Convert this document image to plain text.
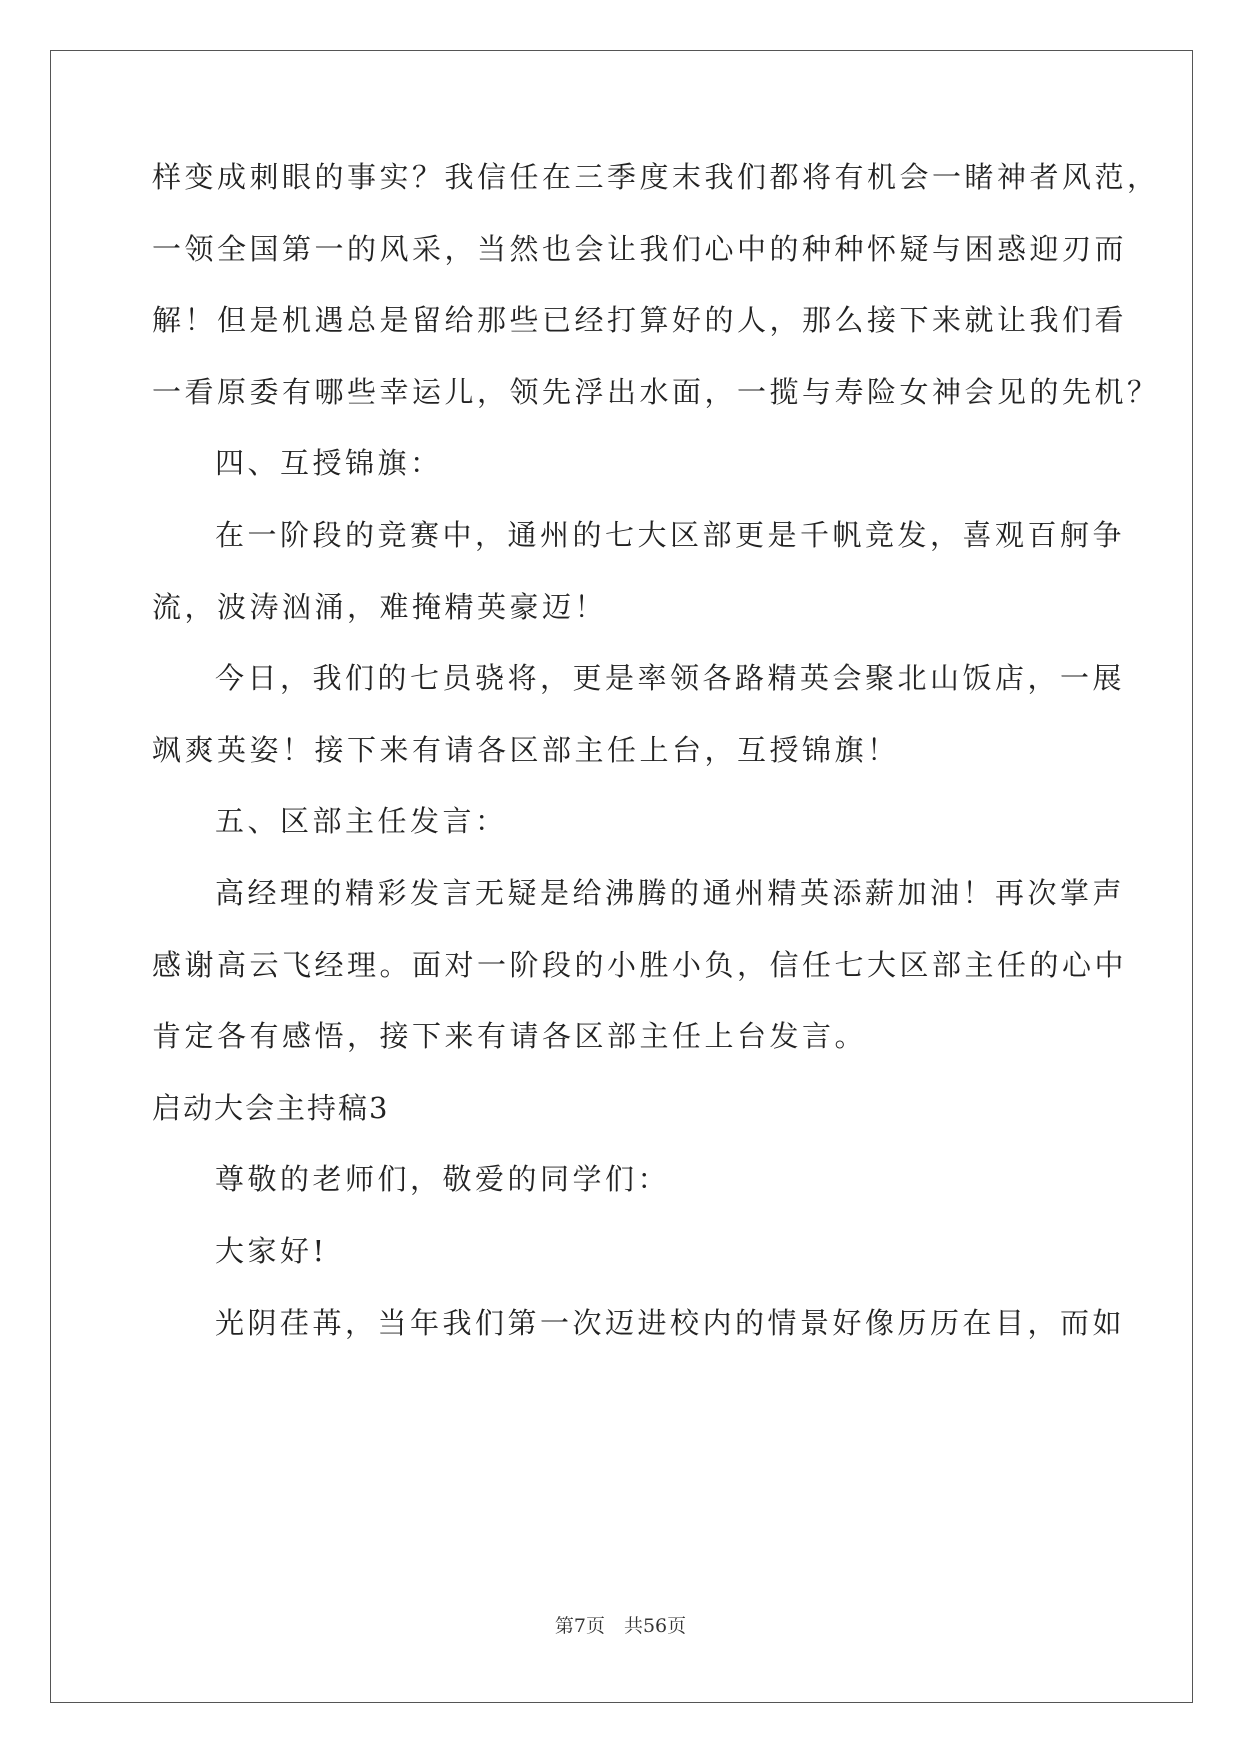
样变成刺眼的事实？我信任在三季度末我们都将有机会一睹神者风范，
一领全国第一的风采，当然也会让我们心中的种种怀疑与困惑迎刃而
解！但是机遇总是留给那些已经打算好的人，那么接下来就让我们看
一看原委有哪些幸运儿，领先浮出水面，一揽与寿险女神会见的先机？
四、互授锦旗：
在一阶段的竞赛中，通州的七大区部更是千帆竞发，喜观百舸争
流，波涛汹涌，难掩精英豪迈！
今日，我们的七员骁将，更是率领各路精英会聚北山饭店，一展
飒爽英姿！接下来有请各区部主任上台，互授锦旗！
五、区部主任发言：
高经理的精彩发言无疑是给沸腾的通州精英添薪加油！再次掌声
感谢高云飞经理。面对一阶段的小胜小负，信任七大区部主任的心中
肯定各有感悟，接下来有请各区部主任上台发言。
启动大会主持稿3
尊敬的老师们，敬爱的同学们：
大家好!
光阴荏苒，当年我们第一次迈进校内的情景好像历历在目，而如
第7页　共56页
